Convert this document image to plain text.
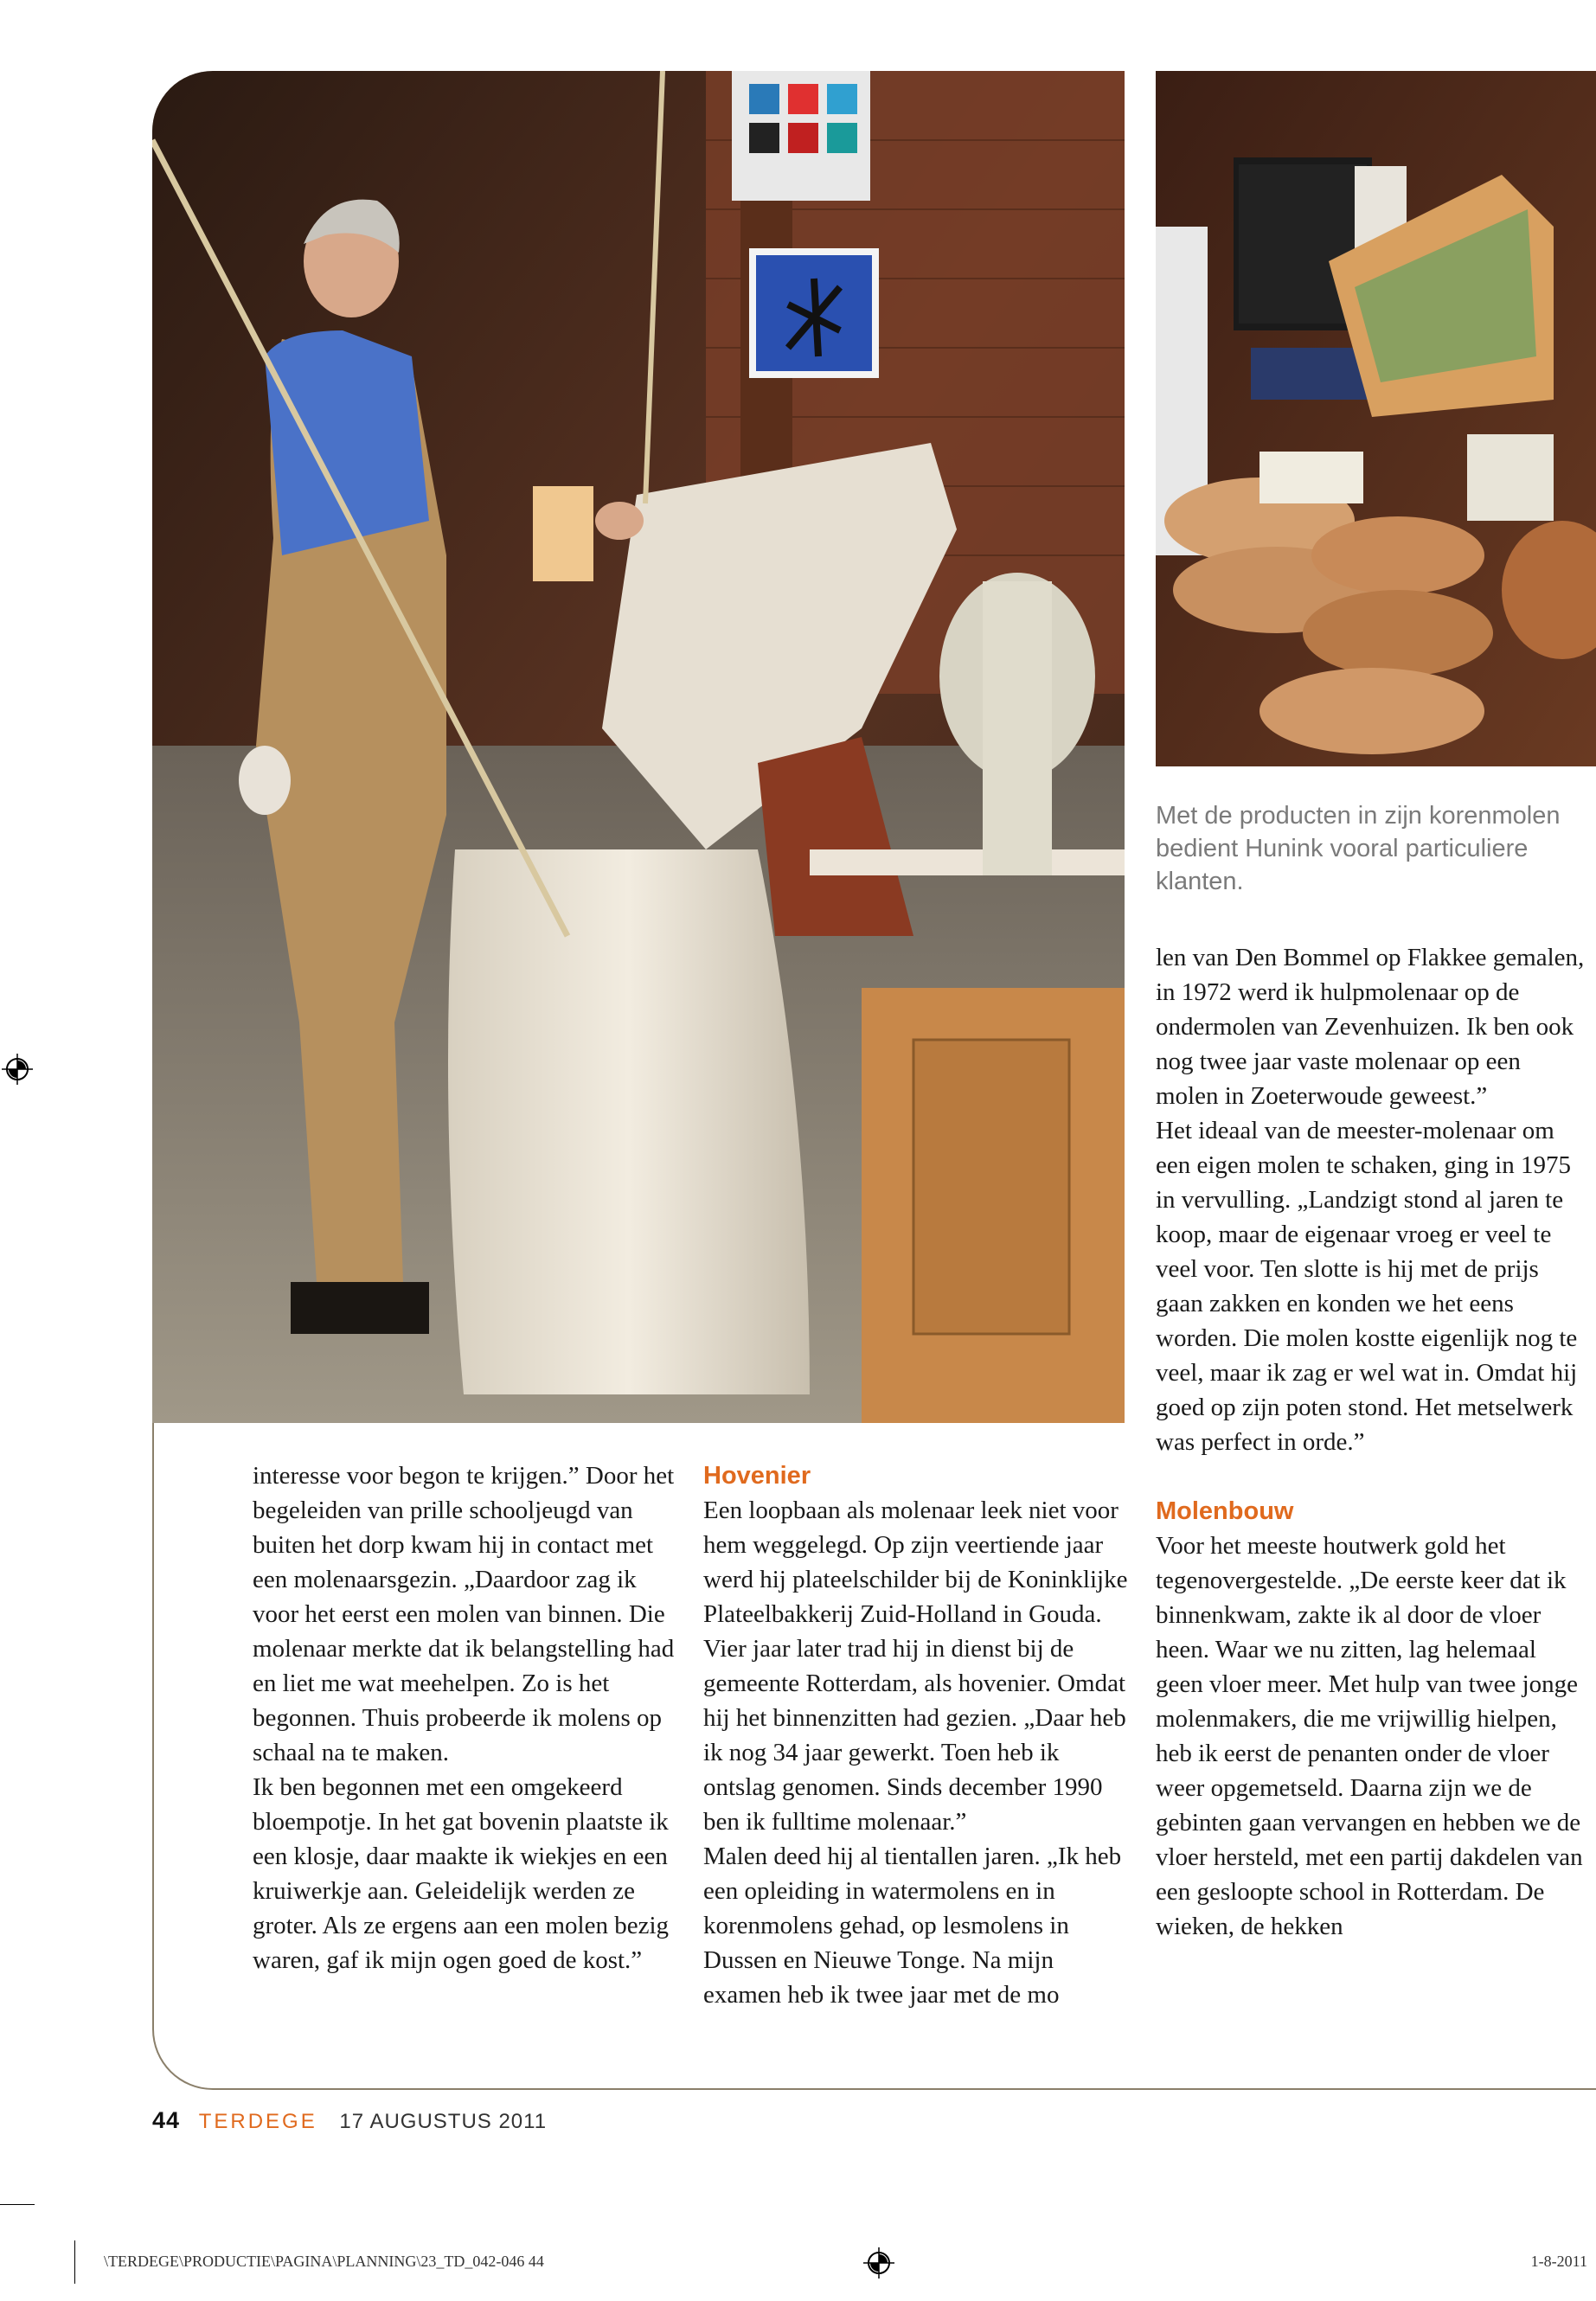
Met de producten in zijn korenmolen bedient Hunink vooral particuliere klanten.

interesse voor begon te krijgen.” Door het begeleiden van prille schooljeugd van buiten het dorp kwam hij in contact met een molenaarsgezin. „Daardoor zag ik voor het eerst een molen van binnen. Die molenaar merkte dat ik belangstelling had en liet me wat meehelpen. Zo is het begonnen. Thuis probeerde ik molens op schaal na te maken.

Ik ben begonnen met een omgekeerd bloempotje. In het gat bovenin plaatste ik een klosje, daar maakte ik wiekjes en een kruiwerkje aan. Geleidelijk werden ze groter. Als ze ergens aan een molen bezig waren, gaf ik mijn ogen goed de kost.”

Hovenier

Een loopbaan als molenaar leek niet voor hem weggelegd. Op zijn veertiende jaar werd hij plateelschilder bij de Koninklijke Plateelbakkerij Zuid-Holland in Gouda. Vier jaar later trad hij in dienst bij de gemeente Rotterdam, als hovenier. Omdat hij het binnenzitten had gezien. „Daar heb ik nog 34 jaar gewerkt. Toen heb ik ontslag genomen. Sinds december 1990 ben ik fulltime molenaar.”

Malen deed hij al tientallen jaren. „Ik heb een opleiding in watermolens en in korenmolens gehad, op lesmolens in Dussen en Nieuwe Tonge. Na mijn examen heb ik twee jaar met de mo

len van Den Bommel op Flakkee gemalen, in 1972 werd ik hulpmolenaar op de ondermolen van Zevenhuizen. Ik ben ook nog twee jaar vaste molenaar op een molen in Zoeterwoude geweest.”

Het ideaal van de meester-molenaar om een eigen molen te schaken, ging in 1975 in vervulling. „Landzigt stond al jaren te koop, maar de eigenaar vroeg er veel te veel voor. Ten slotte is hij met de prijs gaan zakken en konden we het eens worden. Die molen kostte eigenlijk nog te veel, maar ik zag er wel wat in. Omdat hij goed op zijn poten stond. Het metselwerk was perfect in orde.”

Molenbouw

Voor het meeste houtwerk gold het tegenovergestelde. „De eerste keer dat ik binnenkwam, zakte ik al door de vloer heen. Waar we nu zitten, lag helemaal geen vloer meer. Met hulp van twee jonge molenmakers, die me vrijwillig hielpen, heb ik eerst de penanten onder de vloer weer opgemetseld. Daarna zijn we de gebinten gaan vervangen en hebben we de vloer hersteld, met een partij dakdelen van een gesloopte school in Rotterdam. De wieken, de hekken

44 TERDEGE 17 AUGUSTUS 2011
\TERDEGE\PRODUCTIE\PAGINA\PLANNING\23_TD_042-046 44	1-8-2011
